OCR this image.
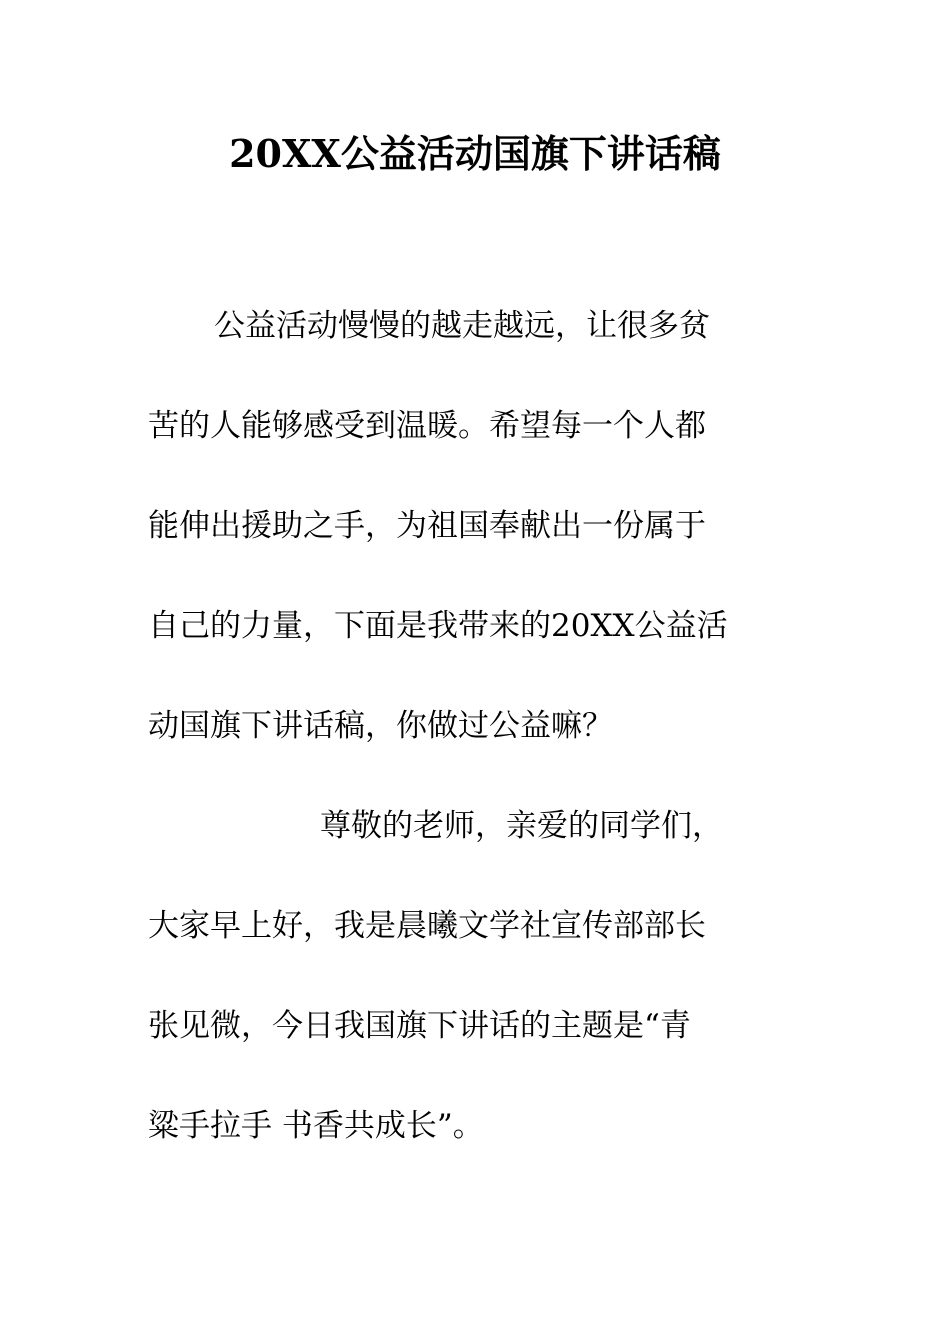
20XX公益活动国旗下讲话稿
公益活动慢慢的越走越远，让很多贫
苦的人能够感受到温暖。希望每一个人都
能伸出援助之手，为祖国奉献出一份属于
自己的力量，下面是我带来的20XX公益活
动国旗下讲话稿，你做过公益嘛？
尊敬的老师，亲爱的同学们，
大家早上好，我是晨曦文学社宣传部部长
张见微，今日我国旗下讲话的主题是“青
粱手拉手 书香共成长”。
